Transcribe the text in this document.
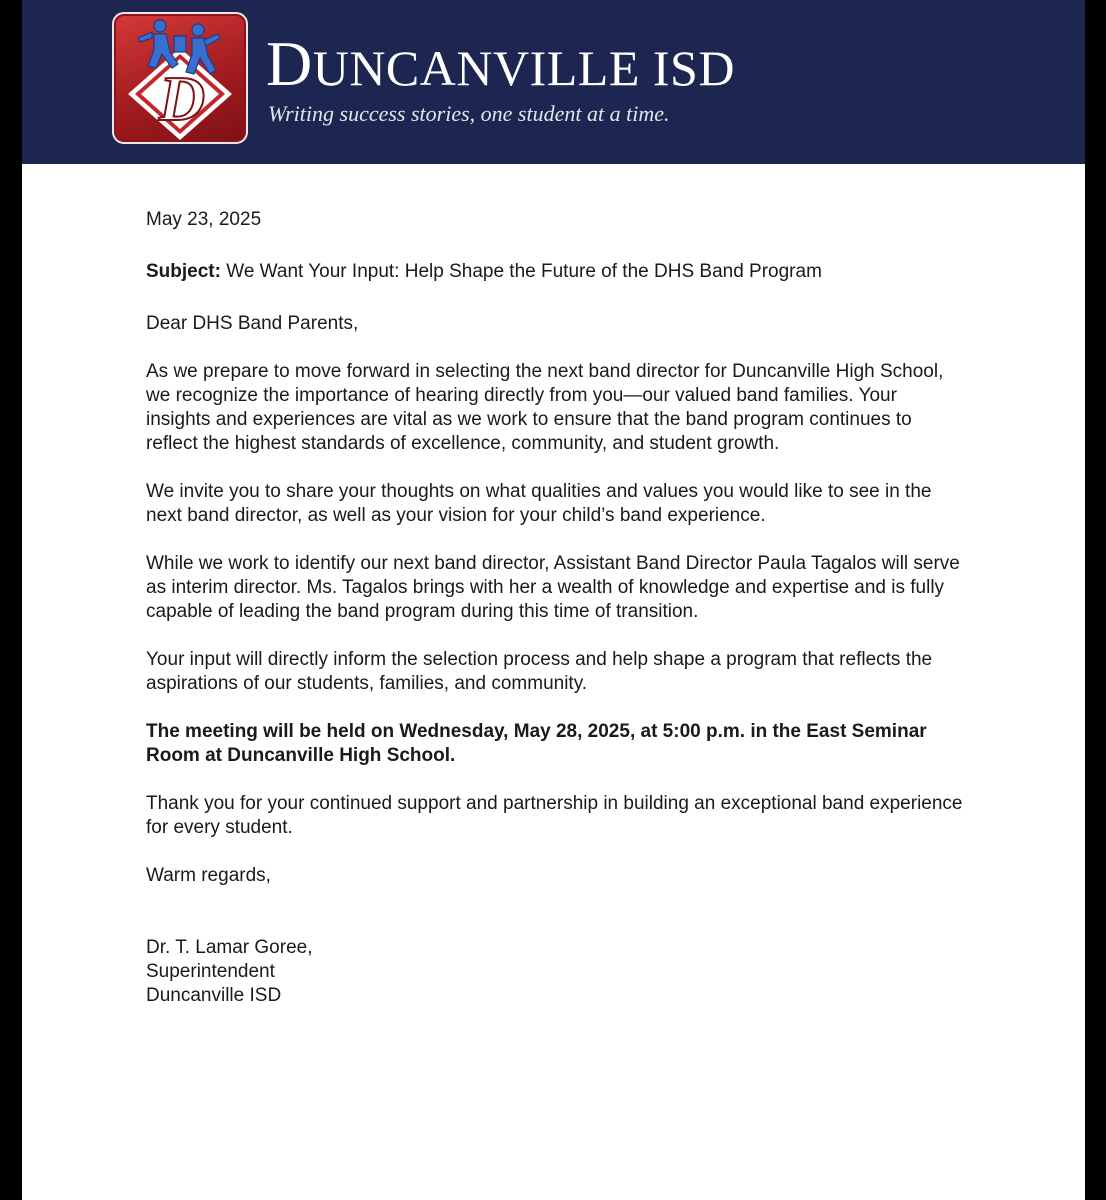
D DUNCANVILLE ISD
Writing success stories, one student at a time.

May 23, 2025

Subject: We Want Your Input: Help Shape the Future of the DHS Band Program

Dear DHS Band Parents,

As we prepare to move forward in selecting the next band director for Duncanville High School, we recognize the importance of hearing directly from you—our valued band families. Your insights and experiences are vital as we work to ensure that the band program continues to reflect the highest standards of excellence, community, and student growth.

We invite you to share your thoughts on what qualities and values you would like to see in the next band director, as well as your vision for your child’s band experience.

While we work to identify our next band director, Assistant Band Director Paula Tagalos will serve as interim director. Ms. Tagalos brings with her a wealth of knowledge and expertise and is fully capable of leading the band program during this time of transition.

Your input will directly inform the selection process and help shape a program that reflects the aspirations of our students, families, and community.

The meeting will be held on Wednesday, May 28, 2025, at 5:00 p.m. in the East Seminar Room at Duncanville High School.

Thank you for your continued support and partnership in building an exceptional band experience for every student.

Warm regards,

Dr. T. Lamar Goree,

Superintendent

Duncanville ISD
